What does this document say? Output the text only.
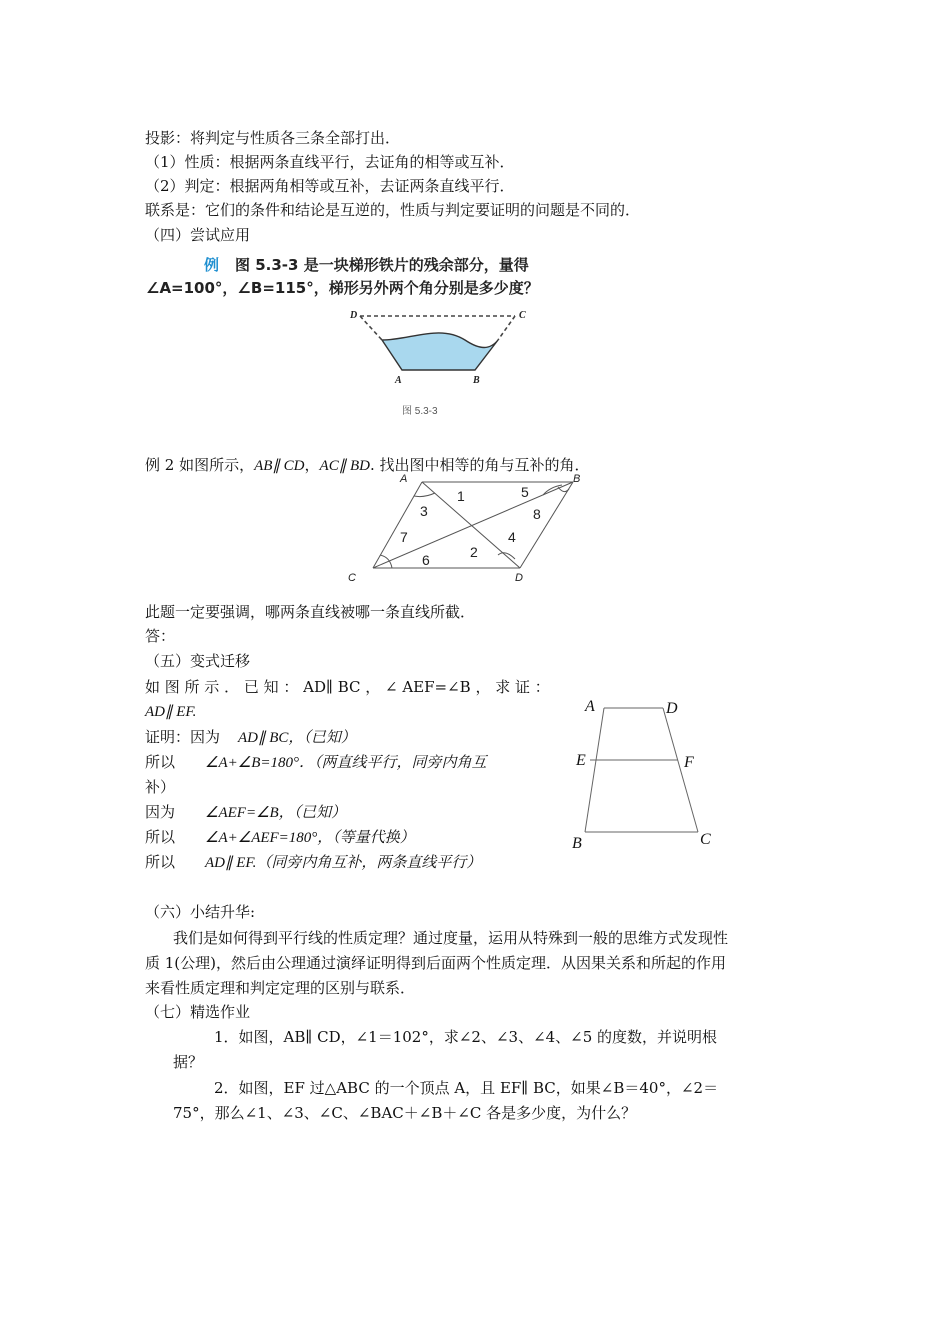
投影：将判定与性质各三条全部打出．
（1）性质：根据两条直线平行，去证角的相等或互补．
（2）判定：根据两角相等或互补，去证两条直线平行．
联系是：它们的条件和结论是互逆的，性质与判定要证明的问题是不同的．
（四）尝试应用
例 图 5.3-3 是一块梯形铁片的残余部分，量得
∠A=100°，∠B=115°，梯形另外两个角分别是多少度？
D	C
A	B
图 5.3-3
例 2 如图所示，AB∥ CD，AC∥ BD. 找出图中相等的角与互补的角．
A	B
C	D
1	5
3	8
7	4
2
6
此题一定要强调，哪两条直线被哪一条直线所截．
答：
（五）变式迁移
如 图 所 示 ． 已 知 ： AD∥ BC ， ∠ AEF=∠B ， 求 证 ：
AD∥ EF.
证明：因为 AD∥ BC，（已知）
所以 ∠A+∠B=180°．（两直线平行，同旁内角互
补）
因为 ∠AEF=∠B，（已知）
所以 ∠A+∠AEF=180°，（等量代换）
所以 AD∥ EF.（同旁内角互补，两条直线平行）
A	D
E	F
B	C
（六）小结升华:
我们是如何得到平行线的性质定理？通过度量，运用从特殊到一般的思维方式发现性
质 1(公理)，然后由公理通过演绎证明得到后面两个性质定理．从因果关系和所起的作用
来看性质定理和判定定理的区别与联系．
（七）精选作业
1．如图，AB∥ CD，∠1＝102°，求∠2、∠3、∠4、∠5 的度数，并说明根
据？
2．如图，EF 过△ABC 的一个顶点 A，且 EF∥ BC，如果∠B＝40°，∠2＝
75°，那么∠1、∠3、∠C、∠BAC＋∠B＋∠C 各是多少度，为什么？
